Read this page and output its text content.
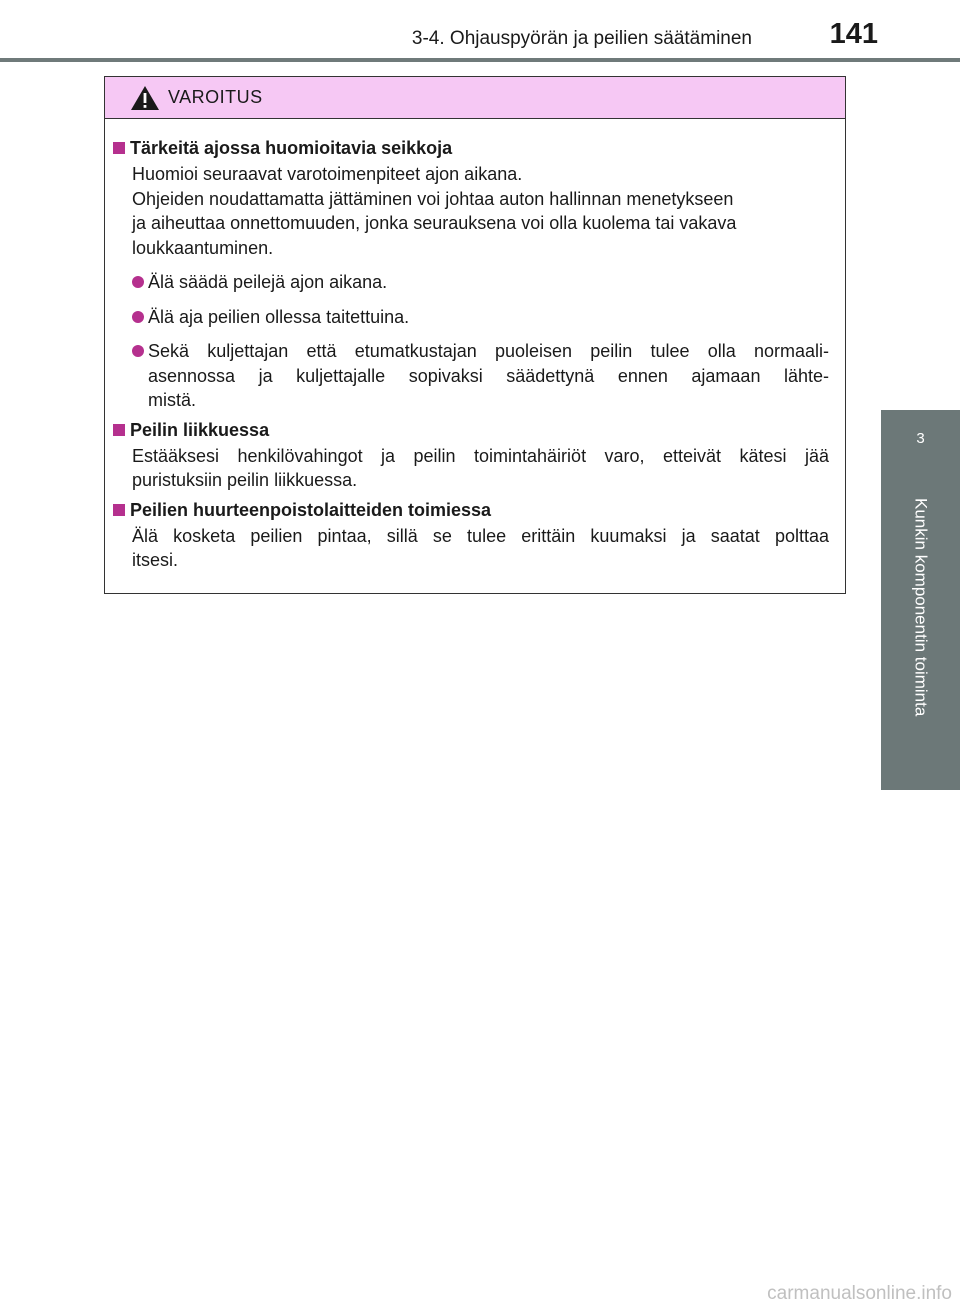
3-4. Ohjauspyörän ja peilien säätäminen	141
3
Kunkin komponentin toiminta
VAROITUS
Tärkeitä ajossa huomioitavia seikkoja

Huomioi seuraavat varotoimenpiteet ajon aikana.

Ohjeiden noudattamatta jättäminen voi johtaa auton hallinnan menetykseen

ja aiheuttaa onnettomuuden, jonka seurauksena voi olla kuolema tai vakava

loukkaantuminen.

Älä säädä peilejä ajon aikana.
Älä aja peilien ollessa taitettuina.
Sekä kuljettajan että etumatkustajan puoleisen peilin tulee olla normaali-
asennossa ja kuljettajalle sopivaksi säädettynä ennen ajamaan lähte-
mistä.
Peilin liikkuessa

Estääksesi henkilövahingot ja peilin toimintahäiriöt varo, etteivät kätesi jää

puristuksiin peilin liikkuessa.

Peilien huurteenpoistolaitteiden toimiessa

Älä kosketa peilien pintaa, sillä se tulee erittäin kuumaksi ja saatat polttaa

itsesi.

carmanualsonline.info
